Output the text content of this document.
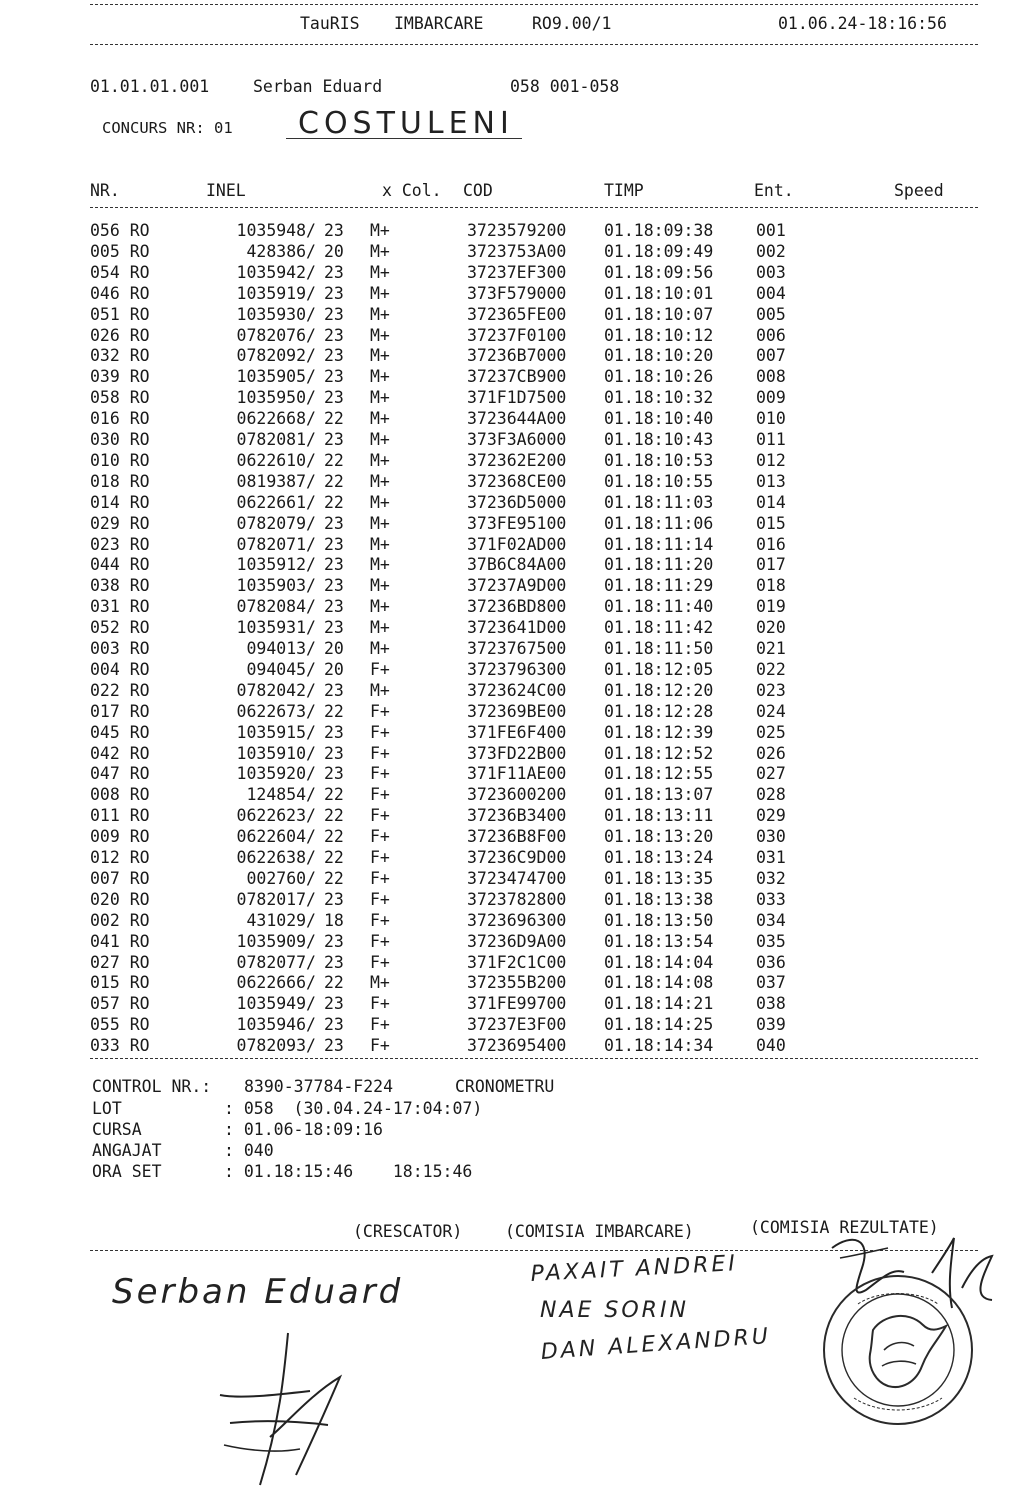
TauRIS IMBARCARE	RO9.00/1	01.06.24-18:16:56
01.01.01.001	Serban Eduard	058 001-058
CONCURS NR: 01 COSTULENI
NR.	INEL	x Col. COD	TIMP	Ent.	Speed
056 RO	1035948/ 23 M+	3723579200 01.18:09:38	001
005 RO	428386/ 20 M+	3723753A00 01.18:09:49	002
054 RO	1035942/ 23 M+	37237EF300 01.18:09:56	003
046 RO	1035919/ 23 M+	373F579000 01.18:10:01	004
051 RO	1035930/ 23 M+	372365FE00 01.18:10:07	005
026 RO	0782076/ 23 M+	37237F0100 01.18:10:12	006
032 RO	0782092/ 23 M+	37236B7000 01.18:10:20	007
039 RO	1035905/ 23 M+	37237CB900 01.18:10:26	008
058 RO	1035950/ 23 M+	371F1D7500 01.18:10:32	009
016 RO	0622668/ 22 M+	3723644A00 01.18:10:40	010
030 RO	0782081/ 23 M+	373F3A6000 01.18:10:43	011
010 RO	0622610/ 22 M+	372362E200 01.18:10:53	012
018 RO	0819387/ 22 M+	372368CE00 01.18:10:55	013
014 RO	0622661/ 22 M+	37236D5000 01.18:11:03	014
029 RO	0782079/ 23 M+	373FE95100 01.18:11:06	015
023 RO	0782071/ 23 M+	371F02AD00 01.18:11:14	016
044 RO	1035912/ 23 M+	37B6C84A00 01.18:11:20	017
038 RO	1035903/ 23 M+	37237A9D00 01.18:11:29	018
031 RO	0782084/ 23 M+	37236BD800 01.18:11:40	019
052 RO	1035931/ 23 M+	3723641D00 01.18:11:42	020
003 RO	094013/ 20 M+	3723767500 01.18:11:50	021
004 RO	094045/ 20 F+	3723796300 01.18:12:05	022
022 RO	0782042/ 23 M+	3723624C00 01.18:12:20	023
017 RO	0622673/ 22 F+	372369BE00 01.18:12:28	024
045 RO	1035915/ 23 F+	371FE6F400 01.18:12:39	025
042 RO	1035910/ 23 F+	373FD22B00 01.18:12:52	026
047 RO	1035920/ 23 F+	371F11AE00 01.18:12:55	027
008 RO	124854/ 22 F+	3723600200 01.18:13:07	028
011 RO	0622623/ 22 F+	37236B3400 01.18:13:11	029
009 RO	0622604/ 22 F+	37236B8F00 01.18:13:20	030
012 RO	0622638/ 22 F+	37236C9D00 01.18:13:24	031
007 RO	002760/ 22 F+	3723474700 01.18:13:35	032
020 RO	0782017/ 23 F+	3723782800 01.18:13:38	033
002 RO	431029/ 18 F+	3723696300 01.18:13:50	034
041 RO	1035909/ 23 F+	37236D9A00 01.18:13:54	035
027 RO	0782077/ 23 F+	371F2C1C00 01.18:14:04	036
015 RO	0622666/ 22 M+	372355B200 01.18:14:08	037
057 RO	1035949/ 23 F+	371FE99700 01.18:14:21	038
055 RO	1035946/ 23 F+	37237E3F00 01.18:14:25	039
033 RO	0782093/ 23 F+	3723695400 01.18:14:34	040
CONTROL NR.: 8390-37784-F224	CRONOMETRU
LOT	: 058  (30.04.24-17:04:07)
CURSA	: 01.06-18:09:16
ANGAJAT	: 040
ORA SET	: 01.18:15:46    18:15:46
(CRESCATOR)	(COMISIA IMBARCARE)	(COMISIA REZULTATE)
Serban Eduard
PAXAIT ANDREI
NAE SORIN
DAN ALEXANDRU
